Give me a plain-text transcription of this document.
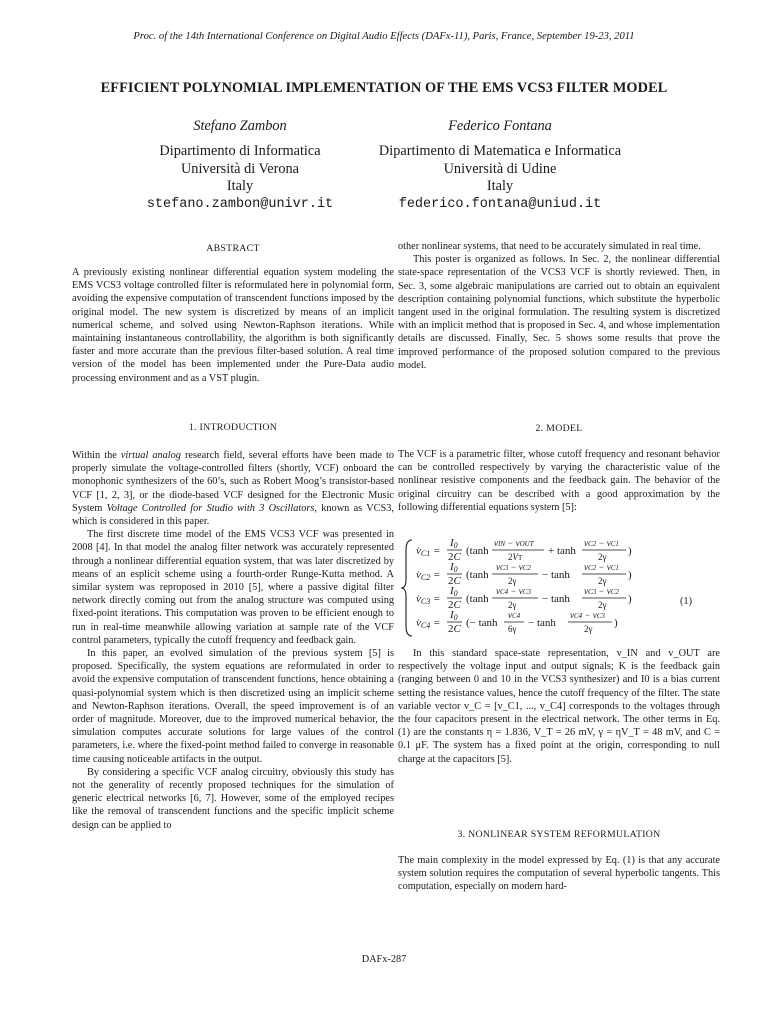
Proc. of the 14th International Conference on Digital Audio Effects (DAFx-11), Paris, France, September 19-23, 2011
EFFICIENT POLYNOMIAL IMPLEMENTATION OF THE EMS VCS3 FILTER MODEL
Stefano Zambon
Dipartimento di Informatica
Università di Verona
Italy
stefano.zambon@univr.it
Federico Fontana
Dipartimento di Matematica e Informatica
Università di Udine
Italy
federico.fontana@uniud.it
ABSTRACT

A previously existing nonlinear differential equation system modeling the EMS VCS3 voltage controlled filter is reformulated here in polynomial form, avoiding the expensive computation of transcendent functions imposed by the original model. The new system is discretized by means of an implicit numerical scheme, and solved using Newton-Raphson iterations. While maintaining instantaneous controllability, the algorithm is both significantly faster and more accurate than the previous filter-based solution. A real time version of the model has been implemented under the Pure-Data audio processing environment and as a VST plugin.

1. INTRODUCTION

Within the virtual analog research field, several efforts have been made to properly simulate the voltage-controlled filters (shortly, VCF) onboard the monophonic synthesizers of the 60’s, such as Robert Moog’s transistor-based VCF [1, 2, 3], or the diode-based VCF designed for the Electronic Music System Voltage Controlled for Studio with 3 Oscillators, known as VCS3, which is considered in this paper.

The first discrete time model of the EMS VCS3 VCF was presented in 2008 [4]. In that model the analog filter network was accurately represented through a nonlinear differential equation system, that was later discretized by means of an esplicit scheme using a fourth-order Runge-Kutta method. A similar system was reproposed in 2010 [5], where a passive digital filter network directly coming out from the analog structure was computed using fixed-point iterations. This computation was proven to be efficient enough to run in real-time meanwhile allowing variation at sample rate of the VCF control parameters, typically the cutoff frequency and feedback gain.

In this paper, an evolved simulation of the previous system [5] is proposed. Specifically, the system equations are reformulated in order to avoid the expensive computation of transcendent functions, hence obtaining a quasi-polynomial system which is then discretized using an implicit scheme and Newton-Raphson iterations. Overall, the speed improvement is of an order of magnitude. Moreover, due to the improved numerical behavior, the simulation computes accurate solutions for large values of the control parameters, i.e. where the fixed-point method failed to converge in reasonable time causing noticeable artifacts in the output.

By considering a specific VCF analog circuitry, obviously this study has not the generality of recently proposed techniques for the simulation of generic electrical networks [6, 7]. However, some of the employed recipes like the removal of transcendent functions and the specific implicit scheme design can be applied to

other nonlinear systems, that need to be accurately simulated in real time.

This poster is organized as follows. In Sec. 2, the nonlinear differential state-space representation of the VCS3 VCF is shortly reviewed. Then, in Sec. 3, some algebraic manipulations are carried out to obtain an equivalent description containing polynomial functions, which substitute the hyperbolic tangent used in the original formulation. The resulting system is discretized with an implicit method that is proposed in Sec. 4, and whose implementation details are discussed. Finally, Sec. 5 shows some results that prove the improved performance of the proposed solution compared to the previous model.

2. MODEL

The VCF is a parametric filter, whose cutoff frequency and resonant behavior can be controlled respectively by varying the characteristic value of the nonlinear resistive components and the feedback gain. The behavior of the original circuitry can be described with a good approximation by the following differential equations system [5]:

v̇C1 =
I0
2C (tanh
vIN − vOUT
2VT
+ tanh
vC2 − vC1
2γ )
v̇C2 =
I0
2C (tanh
vC3 − vC2
2γ − tanh
vC2 − vC1
2γ )
v̇C3 =
I0
2C (tanh
vC4 − vC3
2γ − tanh
vC3 − vC2
2γ )
v̇C4 =
I0
2C (− tanh
vC4
6γ − tanh
vC4 − vC3
2γ )
(1)

In this standard space-state representation, v_IN and v_OUT are respectively the voltage input and output signals; K is the feedback gain (ranging between 0 and 10 in the VCS3 synthesizer) and I0 is a bias current setting the resistance values, hence the cutoff frequency of the filter. The state variable vector v_C = [v_C1, ..., v_C4] corresponds to the voltages through the four capacitors present in the electrical network. The other terms in Eq. (1) are the constants η = 1.836, V_T = 26 mV, γ = ηV_T = 48 mV, and C = 0.1 μF. The system has a fixed point at the origin, corresponding to null charge at the capacitors [5].

3. NONLINEAR SYSTEM REFORMULATION

The main complexity in the model expressed by Eq. (1) is that any accurate system solution requires the computation of several hyperbolic tangents. This computation, especially on modern hard-

DAFx-287
